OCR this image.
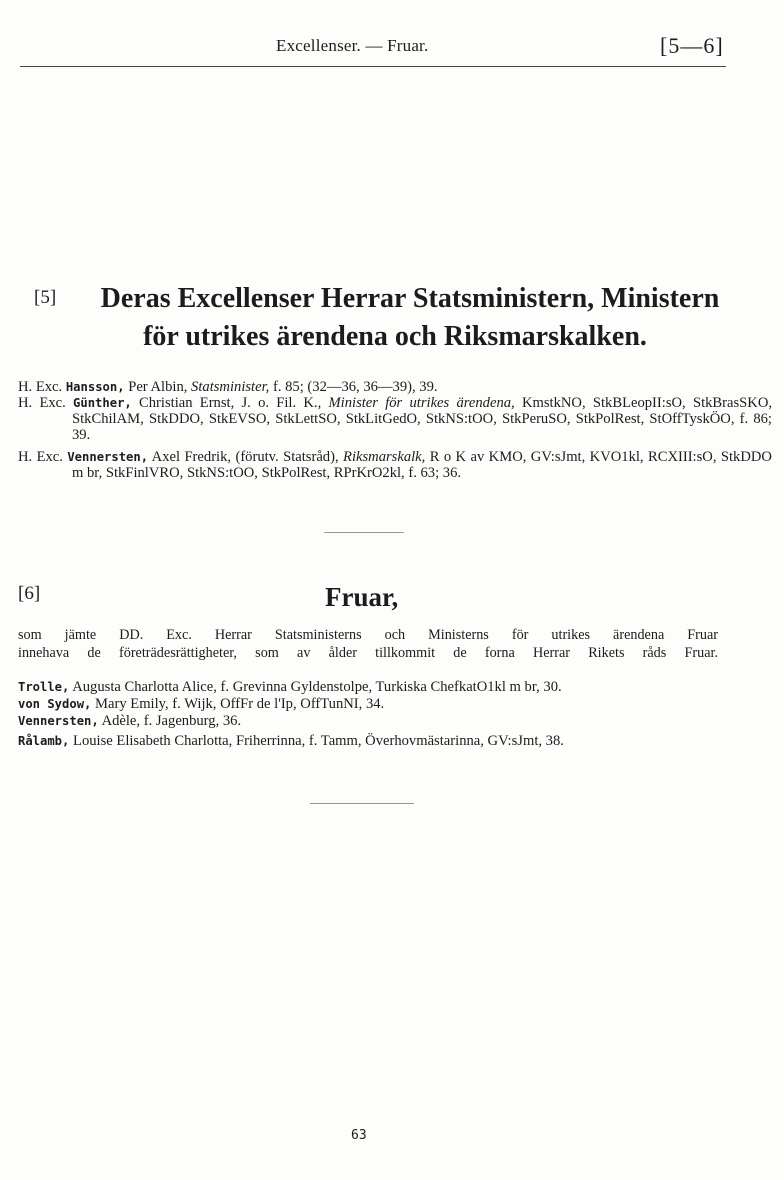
Excellenser. — Fruar.	[5—6]
[5]	Deras Excellenser Herrar Statsministern, Ministern
för utrikes ärendena och Riksmarskalken.
H. Exc. Hansson, Per Albin, Statsminister, f. 85; (32—36, 36—39), 39.
H. Exc. Günther, Christian Ernst, J. o. Fil. K., Minister för utrikes ärendena, KmstkNO, StkBLeopII:sO, StkBrasSKO, StkChilAM, StkDDO, StkEVSO, StkLettSO, StkLitGedO, StkNS:tOO, StkPeruSO, StkPolRest, StOffTyskÖO, f. 86; 39.
H. Exc. Vennersten, Axel Fredrik, (förutv. Statsråd), Riksmarskalk, R o K av KMO, GV:sJmt, KVO1kl, RCXIII:sO, StkDDO m br, StkFinlVRO, StkNS:tOO, StkPolRest, RPrKrO2kl, f. 63; 36.
[6]	Fruar,
som jämte DD. Exc. Herrar Statsministerns och Ministerns för utrikes ärendena Fruar
innehava de företrädesrättigheter, som av ålder tillkommit de forna Herrar Rikets råds Fruar.
Trolle, Augusta Charlotta Alice, f. Grevinna Gyldenstolpe, Turkiska ChefkatO1kl m br, 30.
von Sydow, Mary Emily, f. Wijk, OffFr de l'Ip, OffTunNI, 34.
Vennersten, Adèle, f. Jagenburg, 36.
Rålamb, Louise Elisabeth Charlotta, Friherrinna, f. Tamm, Överhovmästarinna, GV:sJmt, 38.
63
